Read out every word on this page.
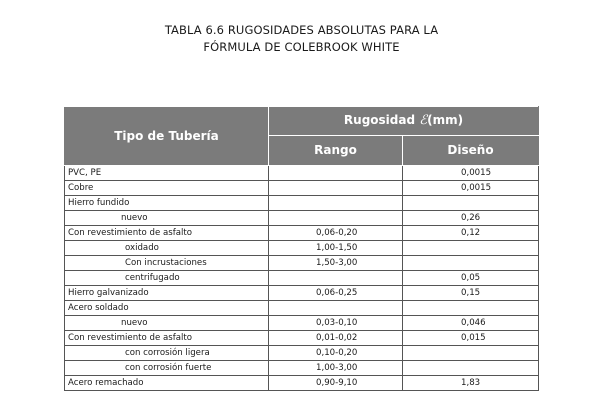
TABLA 6.6 RUGOSIDADES ABSOLUTAS PARA LA
FÓRMULA DE COLEBROOK WHITE
Tipo de Tubería	Rugosidad ℰ(mm)	
	Rango	Diseño
PVC, PE		0,0015
Cobre		0,0015
Hierro fundido		
nuevo		0,26
Con revestimiento de asfalto	0,06-0,20	0,12
oxidado	1,00-1,50	
Con incrustaciones	1,50-3,00	
centrifugado		0,05
Hierro galvanizado	0,06-0,25	0,15
Acero soldado		
nuevo	0,03-0,10	0,046
Con revestimiento de asfalto	0,01-0,02	0,015
con corrosión ligera	0,10-0,20	
con corrosión fuerte	1,00-3,00	
Acero remachado	0,90-9,10	1,83
